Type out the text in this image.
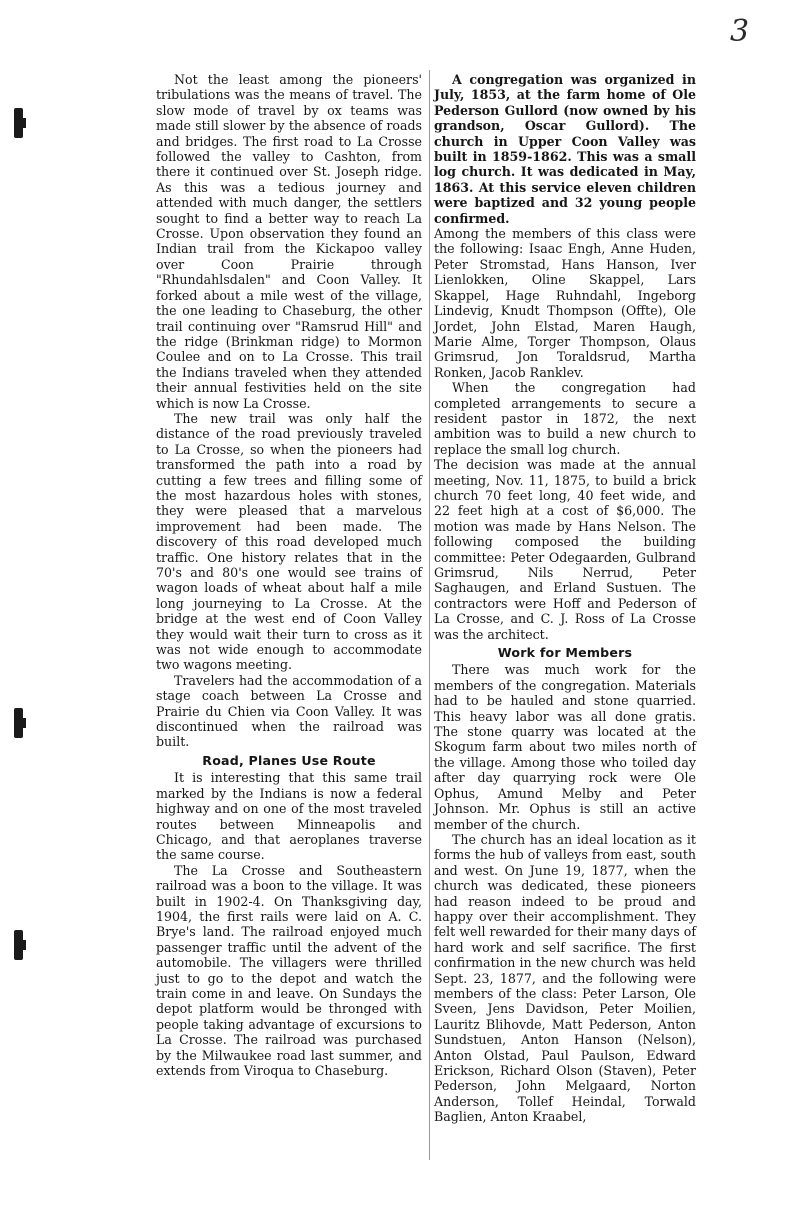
3

Not the least among the pioneers' tribulations was the means of travel. The slow mode of travel by ox teams was made still slower by the absence of roads and bridges. The first road to La Crosse followed the valley to Cashton, from there it continued over St. Joseph ridge. As this was a tedious journey and attended with much danger, the settlers sought to find a better way to reach La Crosse. Upon observation they found an Indian trail from the Kickapoo valley over Coon Prairie through "Rhundahlsdalen" and Coon Valley. It forked about a mile west of the village, the one leading to Chaseburg, the other trail continuing over "Ramsrud Hill" and the ridge (Brinkman ridge) to Mormon Coulee and on to La Crosse. This trail the Indians traveled when they attended their annual festivities held on the site which is now La Crosse.

The new trail was only half the distance of the road previously traveled to La Crosse, so when the pioneers had transformed the path into a road by cutting a few trees and filling some of the most hazardous holes with stones, they were pleased that a marvelous improvement had been made. The discovery of this road developed much traffic. One history relates that in the 70's and 80's one would see trains of wagon loads of wheat about half a mile long journeying to La Crosse. At the bridge at the west end of Coon Valley they would wait their turn to cross as it was not wide enough to accommodate two wagons meeting.

Travelers had the accommodation of a stage coach between La Crosse and Prairie du Chien via Coon Valley. It was discontinued when the railroad was built.

Road, Planes Use Route

It is interesting that this same trail marked by the Indians is now a federal highway and on one of the most traveled routes between Minneapolis and Chicago, and that aeroplanes traverse the same course.

The La Crosse and Southeastern railroad was a boon to the village. It was built in 1902-4. On Thanksgiving day, 1904, the first rails were laid on A. C. Brye's land. The railroad enjoyed much passenger traffic until the advent of the automobile. The villagers were thrilled just to go to the depot and watch the train come in and leave. On Sundays the depot platform would be thronged with people taking advantage of excursions to La Crosse. The railroad was purchased by the Milwaukee road last summer, and extends from Viroqua to Chaseburg.

A congregation was organized in July, 1853, at the farm home of Ole Pederson Gullord (now owned by his grandson, Oscar Gullord). The church in Upper Coon Valley was built in 1859-1862. This was a small log church. It was dedicated in May, 1863. At this service eleven children were baptized and 32 young people confirmed.

Among the members of this class were the following: Isaac Engh, Anne Huden, Peter Stromstad, Hans Hanson, Iver Lienlokken, Oline Skappel, Lars Skappel, Hage Ruhndahl, Ingeborg Lindevig, Knudt Thompson (Offte), Ole Jordet, John Elstad, Maren Haugh, Marie Alme, Torger Thompson, Olaus Grimsrud, Jon Toraldsrud, Martha Ronken, Jacob Ranklev.

When the congregation had completed arrangements to secure a resident pastor in 1872, the next ambition was to build a new church to replace the small log church.

The decision was made at the annual meeting, Nov. 11, 1875, to build a brick church 70 feet long, 40 feet wide, and 22 feet high at a cost of $6,000. The motion was made by Hans Nelson. The following composed the building committee: Peter Odegaarden, Gulbrand Grimsrud, Nils Nerrud, Peter Saghaugen, and Erland Sustuen. The contractors were Hoff and Pederson of La Crosse, and C. J. Ross of La Crosse was the architect.

Work for Members

There was much work for the members of the congregation. Materials had to be hauled and stone quarried. This heavy labor was all done gratis. The stone quarry was located at the Skogum farm about two miles north of the village. Among those who toiled day after day quarrying rock were Ole Ophus, Amund Melby and Peter Johnson. Mr. Ophus is still an active member of the church.

The church has an ideal location as it forms the hub of valleys from east, south and west. On June 19, 1877, when the church was dedicated, these pioneers had reason indeed to be proud and happy over their accomplishment. They felt well rewarded for their many days of hard work and self sacrifice. The first confirmation in the new church was held Sept. 23, 1877, and the following were members of the class: Peter Larson, Ole Sveen, Jens Davidson, Peter Moilien, Lauritz Blihovde, Matt Pederson, Anton Sundstuen, Anton Hanson (Nelson), Anton Olstad, Paul Paulson, Edward Erickson, Richard Olson (Staven), Peter Pederson, John Melgaard, Norton Anderson, Tollef Heindal, Torwald Baglien, Anton Kraabel,
